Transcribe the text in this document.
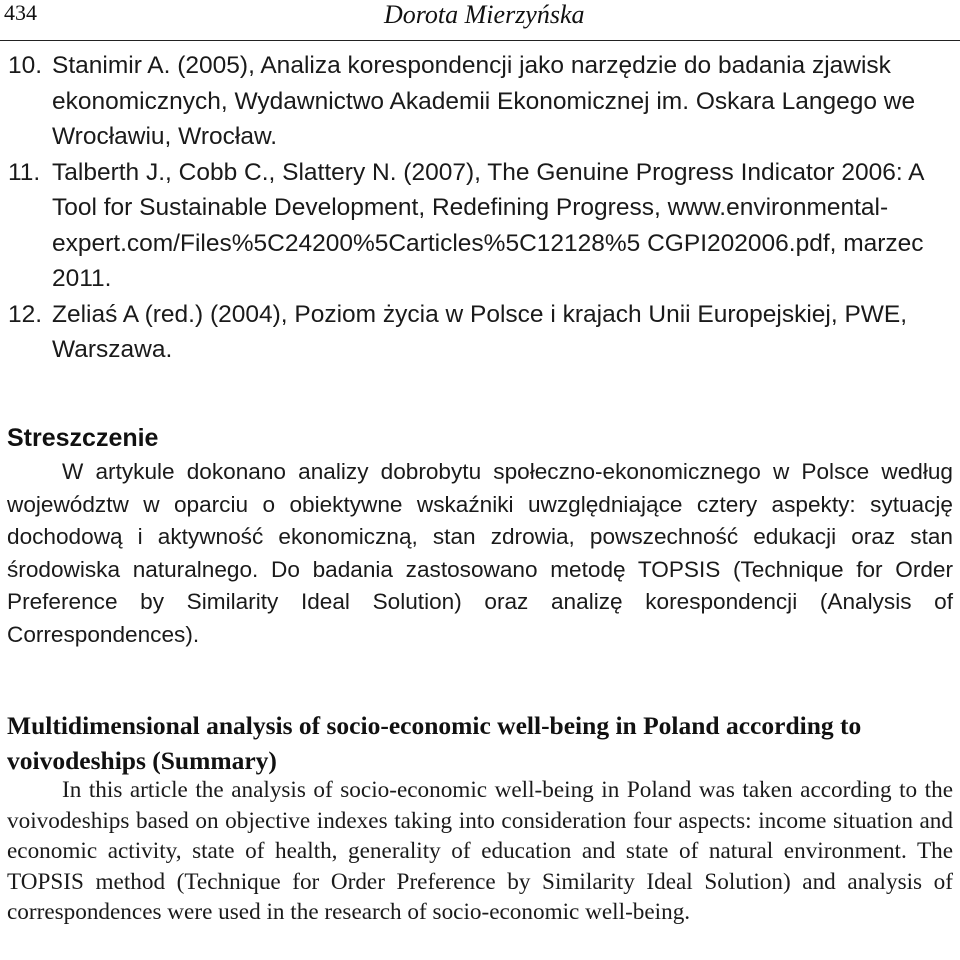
434	Dorota Mierzyńska
10. Stanimir A. (2005), Analiza korespondencji jako narzędzie do badania zjawisk ekonomicznych, Wydawnictwo Akademii Ekonomicznej im. Oskara Langego we Wrocławiu, Wrocław.
11. Talberth J., Cobb C., Slattery N. (2007), The Genuine Progress Indicator 2006: A Tool for Sustainable Development, Redefining Progress, www.environmental-expert.com/Files%5C24200%5Carticles%5C12128%5 CGPI202006.pdf, marzec 2011.
12. Zeliaś A (red.) (2004), Poziom życia w Polsce i krajach Unii Europejskiej, PWE, Warszawa.
Streszczenie
W artykule dokonano analizy dobrobytu społeczno-ekonomicznego w Polsce według województw w oparciu o obiektywne wskaźniki uwzględniające cztery aspekty: sytuację dochodową i aktywność ekonomiczną, stan zdrowia, powszechność edukacji oraz stan środowiska naturalnego. Do badania zastosowano metodę TOPSIS (Technique for Order Preference by Similarity Ideal Solution) oraz analizę korespondencji (Analysis of Correspondences).
Multidimensional analysis of socio-economic well-being in Poland according to voivodeships (Summary)
In this article the analysis of socio-economic well-being in Poland was taken according to the voivodeships based on objective indexes taking into consideration four aspects: income situation and economic activity, state of health, generality of education and state of natural environment. The TOPSIS method (Technique for Order Preference by Similarity Ideal Solution) and analysis of correspondences were used in the research of socio-economic well-being.
